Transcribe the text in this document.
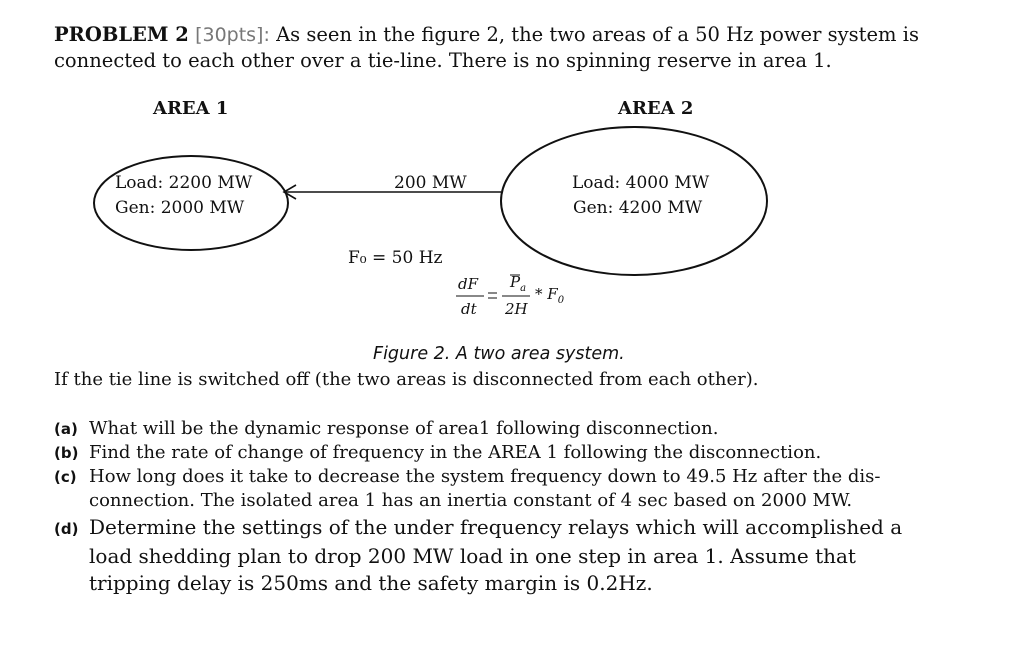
PROBLEM 2 [30pts]: As seen in the figure 2, the two areas of a 50 Hz power system is
connected to each other over a tie-line. There is no spinning reserve in area 1.
AREA 1	AREA 2
Load: 2200 MW
Gen: 2000 MW
Load: 4000 MW
Gen: 4200 MW
200 MW
F₀ = 50 Hz
dF
dt
$P_a$
2H
* $F_0$
Figure 2. A two area system.
If the tie line is switched off (the two areas is disconnected from each other).
(a) What will be the dynamic response of area1 following disconnection.
(b) Find the rate of change of frequency in the AREA 1 following the disconnection.
(c) How long does it take to decrease the system frequency down to 49.5 Hz after the dis-
connection. The isolated area 1 has an inertia constant of 4 sec based on 2000 MW.
(d) Determine the settings of the under frequency relays which will accomplished a
load shedding plan to drop 200 MW load in one step in area 1. Assume that
tripping delay is 250ms and the safety margin is 0.2Hz.
